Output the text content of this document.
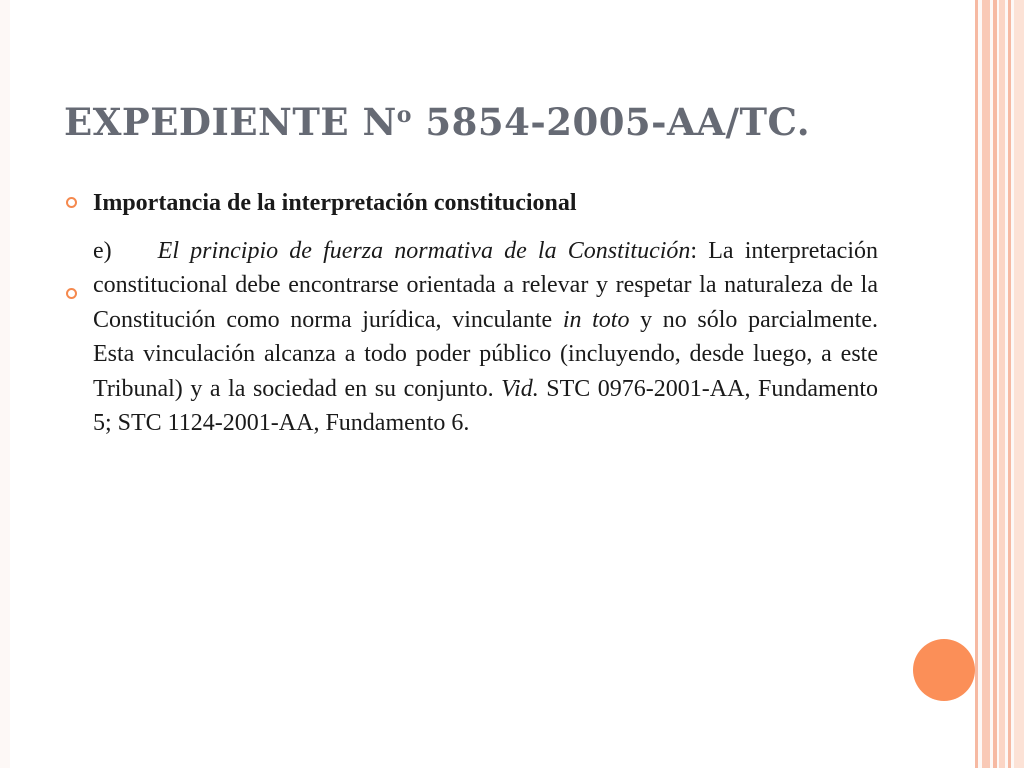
EXPEDIENTE $N^o$ 5854-2005-AA/TC.
Importancia de la interpretación constitucional
e) El principio de fuerza normativa de la Constitución: La interpretación constitucional debe encontrarse orientada a relevar y respetar la naturaleza de la Constitución como norma jurídica, vinculante in toto y no sólo parcialmente. Esta vinculación alcanza a todo poder público (incluyendo, desde luego, a este Tribunal) y a la sociedad en su conjunto. Vid. STC 0976-2001-AA, Fundamento 5; STC 1124-2001-AA, Fundamento 6.
